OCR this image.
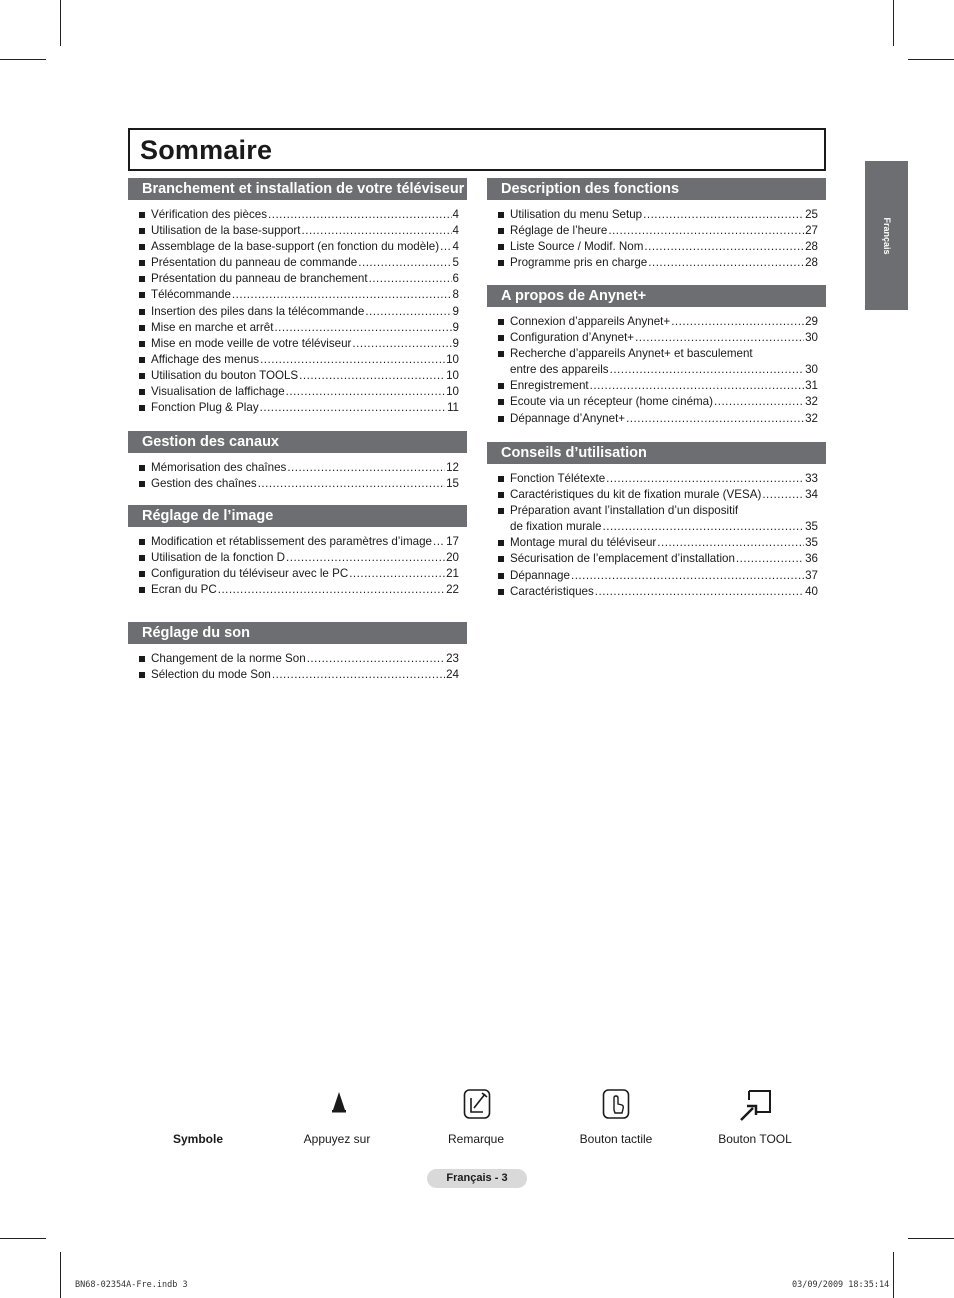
Sommaire
Français
Branchement et installation de votre téléviseur
Vérification des pièces .....	4
Utilisation de la base-support .....	4
Assemblage de la base-support (en fonction du modèle) ..... 4
Présentation du panneau de commande .....	5
Présentation du panneau de branchement .....	6
Télécommande .....	8
Insertion des piles dans la télécommande .....	9
Mise en marche et arrêt .....	9
Mise en mode veille de votre téléviseur .....	9
Affichage des menus .....	10
Utilisation du bouton TOOLS .....	10
Visualisation de laffichage .....	10
Fonction Plug & Play .....	11
Gestion des canaux
Mémorisation des chaînes .....	12
Gestion des chaînes .....	15
Réglage de l’image
Modification et rétablissement des paramètres d’image ..... 17
Utilisation de la fonction D .....	20
Configuration du téléviseur avec le PC .....	21
Ecran du PC .....	22
Réglage du son
Changement de la norme Son .....	23
Sélection du mode Son .....	24
Description des fonctions
Utilisation du menu Setup .....	25
Réglage de l’heure .....	27
Liste Source / Modif. Nom .....	28
Programme pris en charge .....	28
A propos de Anynet+
Connexion d’appareils Anynet+ .....	29
Configuration d’Anynet+ .....	30
Recherche d’appareils Anynet+ et basculement
entre des appareils .....	30
Enregistrement .....	31
Ecoute via un récepteur (home cinéma) .....	32
Dépannage d’Anynet+ .....	32
Conseils d’utilisation
Fonction Télétexte .....	33
Caractéristiques du kit de fixation murale (VESA) .....	34
Préparation avant l’installation d’un dispositif
de fixation murale .....	35
Montage mural du téléviseur .....	35
Sécurisation de l’emplacement d’installation .....	36
Dépannage .....	37
Caractéristiques .....	40
Symbole	Appuyez sur	Remarque	Bouton tactile	Bouton TOOL
Français - 3
BN68-02354A-Fre.indb 3	03/09/2009 18:35:14
